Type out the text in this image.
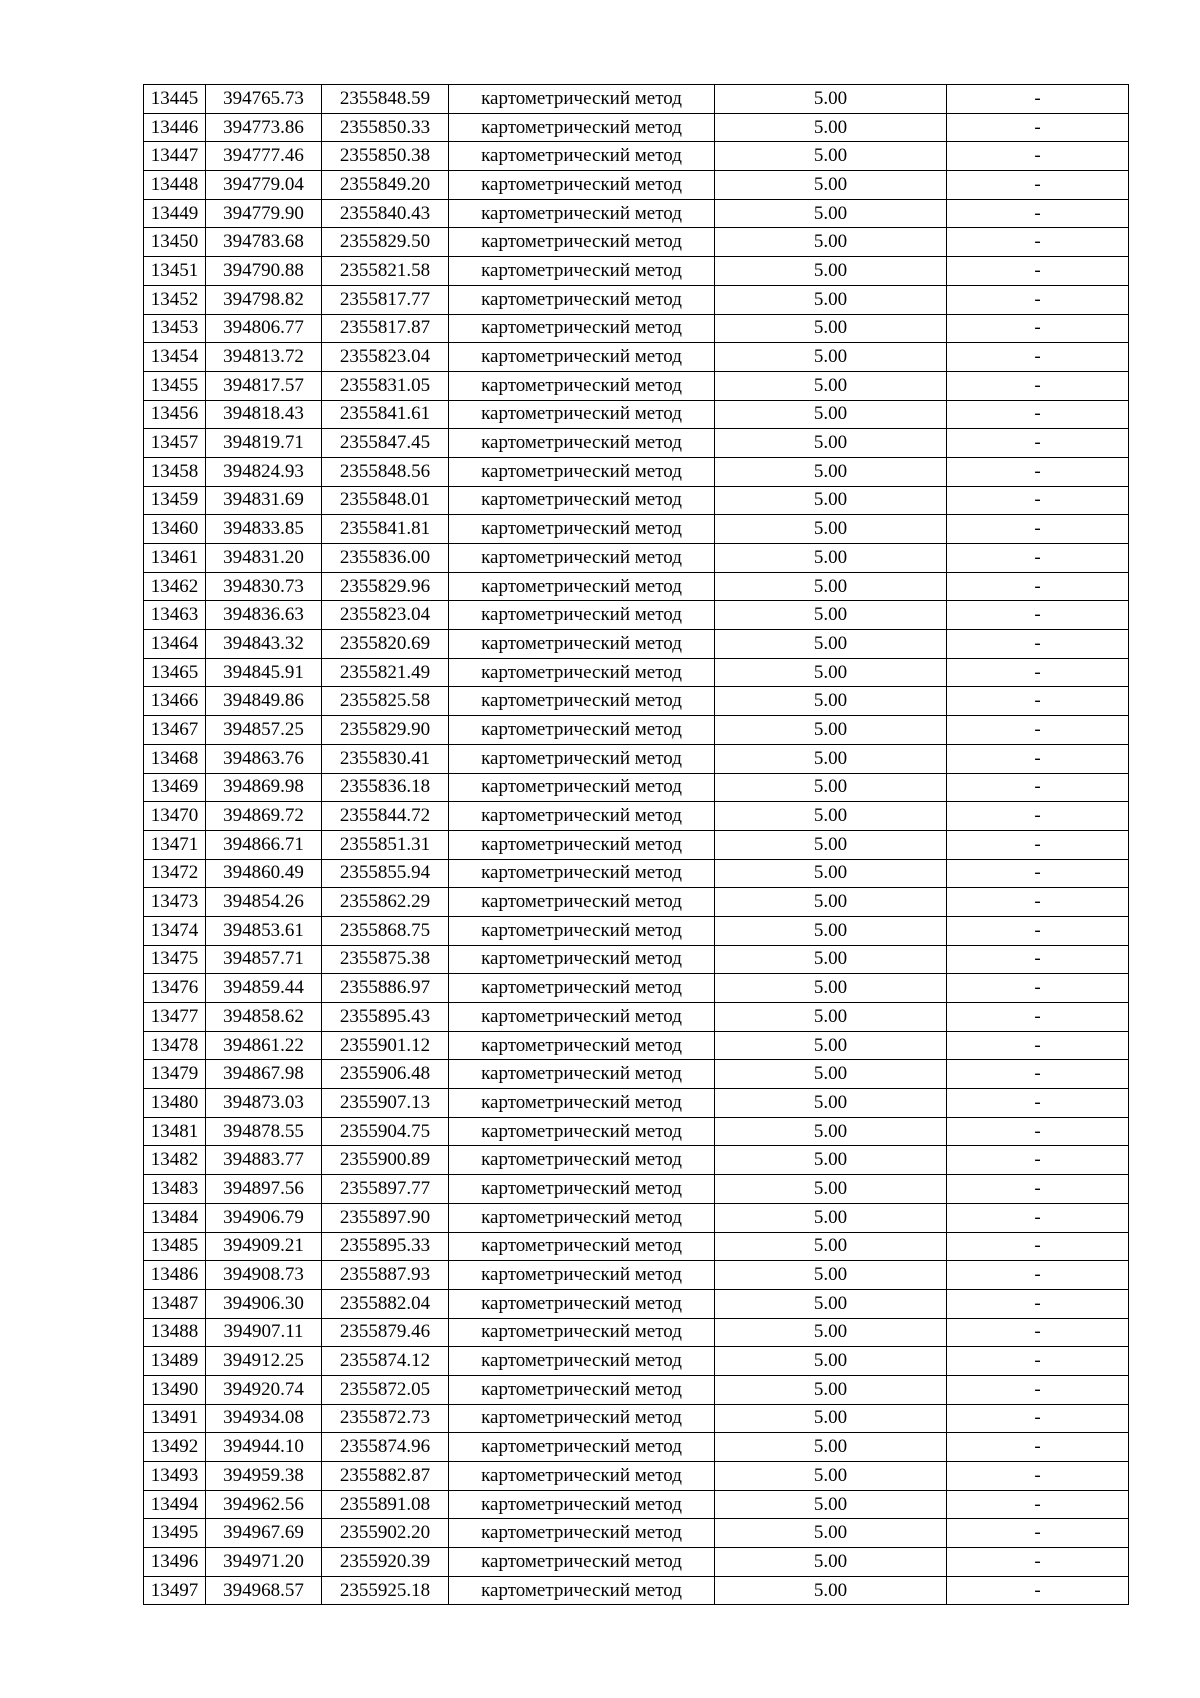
13445	394765.73	2355848.59	картометрический метод	5.00	-
13446	394773.86	2355850.33	картометрический метод	5.00	-
13447	394777.46	2355850.38	картометрический метод	5.00	-
13448	394779.04	2355849.20	картометрический метод	5.00	-
13449	394779.90	2355840.43	картометрический метод	5.00	-
13450	394783.68	2355829.50	картометрический метод	5.00	-
13451	394790.88	2355821.58	картометрический метод	5.00	-
13452	394798.82	2355817.77	картометрический метод	5.00	-
13453	394806.77	2355817.87	картометрический метод	5.00	-
13454	394813.72	2355823.04	картометрический метод	5.00	-
13455	394817.57	2355831.05	картометрический метод	5.00	-
13456	394818.43	2355841.61	картометрический метод	5.00	-
13457	394819.71	2355847.45	картометрический метод	5.00	-
13458	394824.93	2355848.56	картометрический метод	5.00	-
13459	394831.69	2355848.01	картометрический метод	5.00	-
13460	394833.85	2355841.81	картометрический метод	5.00	-
13461	394831.20	2355836.00	картометрический метод	5.00	-
13462	394830.73	2355829.96	картометрический метод	5.00	-
13463	394836.63	2355823.04	картометрический метод	5.00	-
13464	394843.32	2355820.69	картометрический метод	5.00	-
13465	394845.91	2355821.49	картометрический метод	5.00	-
13466	394849.86	2355825.58	картометрический метод	5.00	-
13467	394857.25	2355829.90	картометрический метод	5.00	-
13468	394863.76	2355830.41	картометрический метод	5.00	-
13469	394869.98	2355836.18	картометрический метод	5.00	-
13470	394869.72	2355844.72	картометрический метод	5.00	-
13471	394866.71	2355851.31	картометрический метод	5.00	-
13472	394860.49	2355855.94	картометрический метод	5.00	-
13473	394854.26	2355862.29	картометрический метод	5.00	-
13474	394853.61	2355868.75	картометрический метод	5.00	-
13475	394857.71	2355875.38	картометрический метод	5.00	-
13476	394859.44	2355886.97	картометрический метод	5.00	-
13477	394858.62	2355895.43	картометрический метод	5.00	-
13478	394861.22	2355901.12	картометрический метод	5.00	-
13479	394867.98	2355906.48	картометрический метод	5.00	-
13480	394873.03	2355907.13	картометрический метод	5.00	-
13481	394878.55	2355904.75	картометрический метод	5.00	-
13482	394883.77	2355900.89	картометрический метод	5.00	-
13483	394897.56	2355897.77	картометрический метод	5.00	-
13484	394906.79	2355897.90	картометрический метод	5.00	-
13485	394909.21	2355895.33	картометрический метод	5.00	-
13486	394908.73	2355887.93	картометрический метод	5.00	-
13487	394906.30	2355882.04	картометрический метод	5.00	-
13488	394907.11	2355879.46	картометрический метод	5.00	-
13489	394912.25	2355874.12	картометрический метод	5.00	-
13490	394920.74	2355872.05	картометрический метод	5.00	-
13491	394934.08	2355872.73	картометрический метод	5.00	-
13492	394944.10	2355874.96	картометрический метод	5.00	-
13493	394959.38	2355882.87	картометрический метод	5.00	-
13494	394962.56	2355891.08	картометрический метод	5.00	-
13495	394967.69	2355902.20	картометрический метод	5.00	-
13496	394971.20	2355920.39	картометрический метод	5.00	-
13497	394968.57	2355925.18	картометрический метод	5.00	-
